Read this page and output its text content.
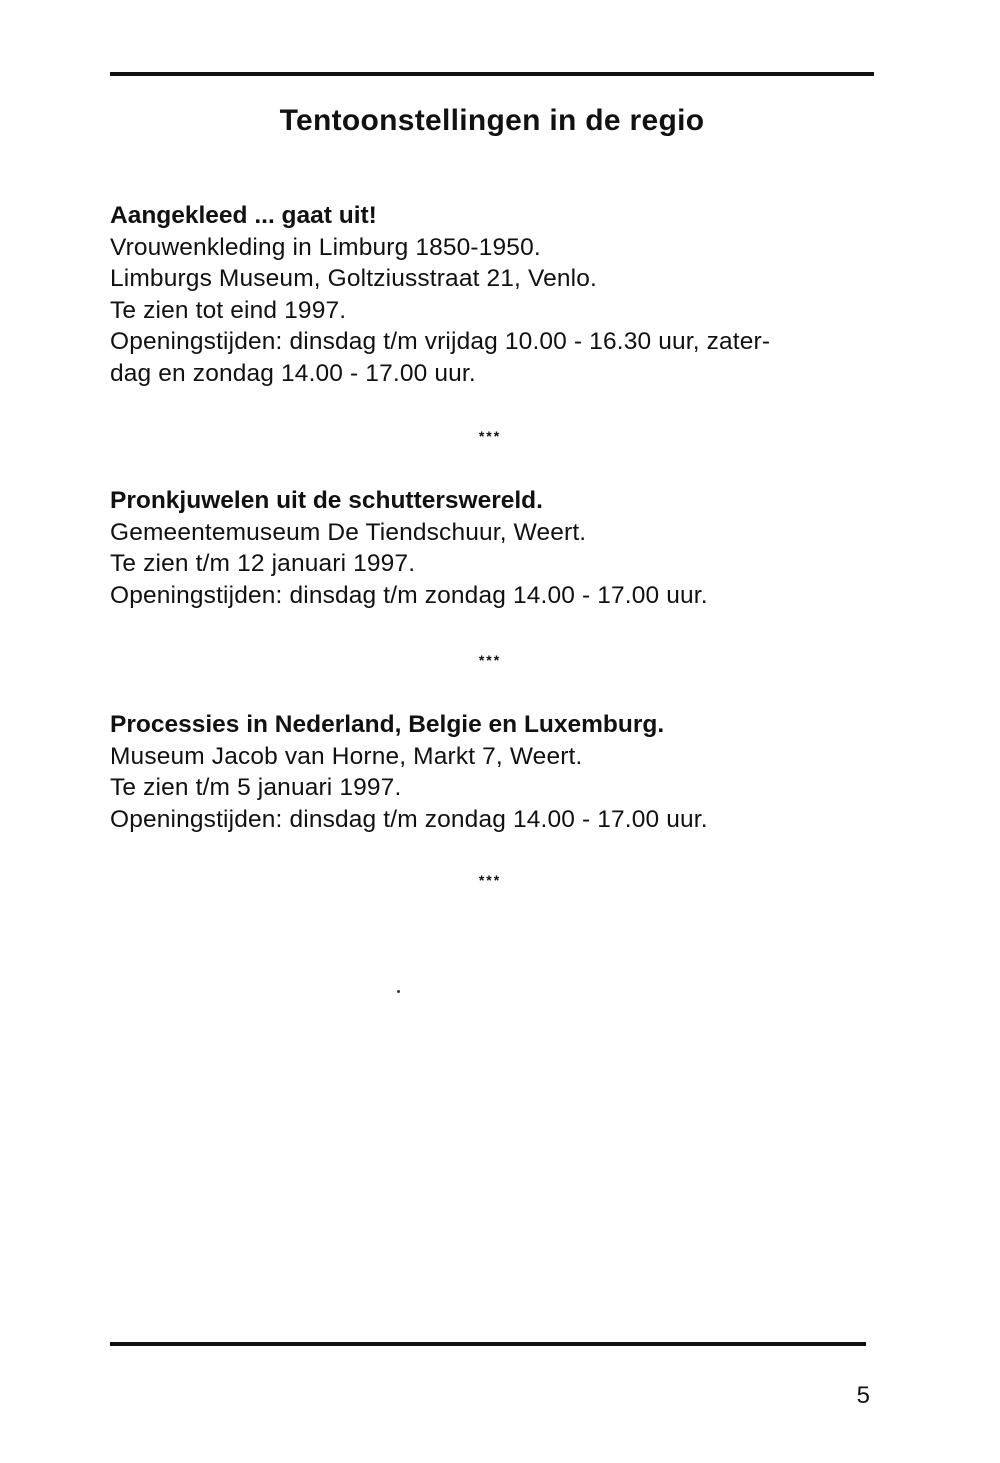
Tentoonstellingen in de regio
Aangekleed ... gaat uit!
Vrouwenkleding in Limburg 1850-1950.
Limburgs Museum, Goltziusstraat 21, Venlo.
Te zien tot eind 1997.
Openingstijden: dinsdag t/m vrijdag 10.00 - 16.30 uur, zater-
dag en zondag 14.00 - 17.00 uur.
***
Pronkjuwelen uit de schutterswereld.
Gemeentemuseum De Tiendschuur, Weert.
Te zien t/m 12 januari 1997.
Openingstijden: dinsdag t/m zondag 14.00 - 17.00 uur.
***
Processies in Nederland, Belgie en Luxemburg.
Museum Jacob van Horne, Markt 7, Weert.
Te zien t/m 5 januari 1997.
Openingstijden: dinsdag t/m zondag 14.00 - 17.00 uur.
***
5
